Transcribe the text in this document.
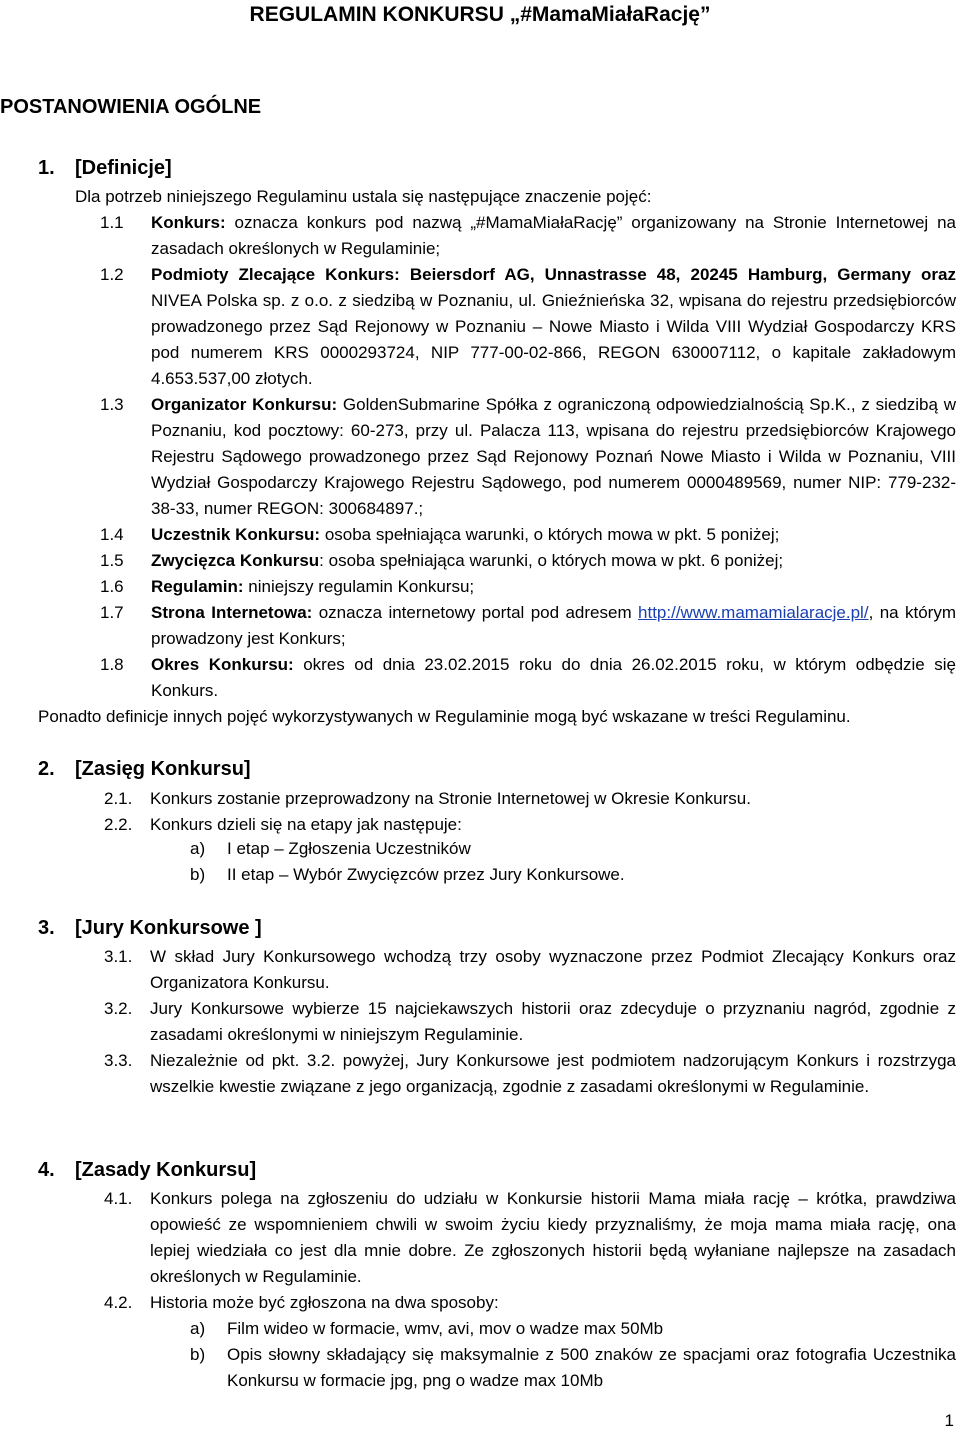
REGULAMIN KONKURSU „#MamaMiałaRację”
POSTANOWIENIA OGÓLNE
1. [Definicje]
Dla potrzeb niniejszego Regulaminu ustala się następujące znaczenie pojęć:
1.1	Konkurs: oznacza konkurs pod nazwą „#MamaMiałaRację” organizowany na Stronie Internetowej na zasadach określonych w Regulaminie;
1.2	Podmioty Zlecające Konkurs: Beiersdorf AG, Unnastrasse 48, 20245 Hamburg, Germany oraz NIVEA Polska sp. z o.o. z siedzibą w Poznaniu, ul. Gnieźnieńska 32, wpisana do rejestru przedsiębiorców prowadzonego przez Sąd Rejonowy w Poznaniu – Nowe Miasto i Wilda VIII Wydział Gospodarczy KRS pod numerem KRS 0000293724, NIP 777-00-02-866, REGON 630007112, o kapitale zakładowym 4.653.537,00 złotych.
1.3	Organizator Konkursu: GoldenSubmarine Spółka z ograniczoną odpowiedzialnością Sp.K., z siedzibą w Poznaniu, kod pocztowy: 60-273, przy ul. Palacza 113, wpisana do rejestru przedsiębiorców Krajowego Rejestru Sądowego prowadzonego przez Sąd Rejonowy Poznań Nowe Miasto i Wilda w Poznaniu, VIII Wydział Gospodarczy Krajowego Rejestru Sądowego, pod numerem 0000489569, numer NIP: 779-232-38-33, numer REGON: 300684897.;
1.4	Uczestnik Konkursu: osoba spełniająca warunki, o których mowa w pkt. 5 poniżej;
1.5	Zwycięzca Konkursu: osoba spełniająca warunki, o których mowa w pkt. 6 poniżej;
1.6	Regulamin: niniejszy regulamin Konkursu;
1.7	Strona Internetowa: oznacza internetowy portal pod adresem http://www.mamamialaracje.pl/, na którym prowadzony jest Konkurs;
1.8	Okres Konkursu: okres od dnia 23.02.2015 roku do dnia 26.02.2015 roku, w którym odbędzie się Konkurs.
Ponadto definicje innych pojęć wykorzystywanych w Regulaminie mogą być wskazane w treści Regulaminu.
2. [Zasięg Konkursu]
2.1.	Konkurs zostanie przeprowadzony na Stronie Internetowej w Okresie Konkursu.
2.2.	Konkurs dzieli się na etapy jak następuje:
a)	I etap – Zgłoszenia Uczestników
b)	II etap – Wybór Zwycięzców przez Jury Konkursowe.
3. [Jury Konkursowe ]
3.1.	W skład Jury Konkursowego wchodzą trzy osoby wyznaczone przez Podmiot Zlecający Konkurs oraz Organizatora Konkursu.
3.2.	Jury Konkursowe wybierze 15 najciekawszych historii oraz zdecyduje o przyznaniu nagród, zgodnie z zasadami określonymi w niniejszym Regulaminie.
3.3.	Niezależnie od pkt. 3.2. powyżej, Jury Konkursowe jest podmiotem nadzorującym Konkurs i rozstrzyga wszelkie kwestie związane z jego organizacją, zgodnie z zasadami określonymi w Regulaminie.
4. [Zasady Konkursu]
4.1.	Konkurs polega na zgłoszeniu do udziału w Konkursie historii Mama miała rację – krótka, prawdziwa opowieść ze wspomnieniem chwili w swoim życiu kiedy przyznaliśmy, że moja mama miała rację, ona lepiej wiedziała co jest dla mnie dobre. Ze zgłoszonych historii będą wyłaniane najlepsze na zasadach określonych w Regulaminie.
4.2.	Historia może być zgłoszona na dwa sposoby:
a)	Film wideo w formacie, wmv, avi, mov o wadze max 50Mb
b)	Opis słowny składający się maksymalnie z 500 znaków ze spacjami oraz fotografia Uczestnika Konkursu w formacie jpg, png o wadze max 10Mb
1
